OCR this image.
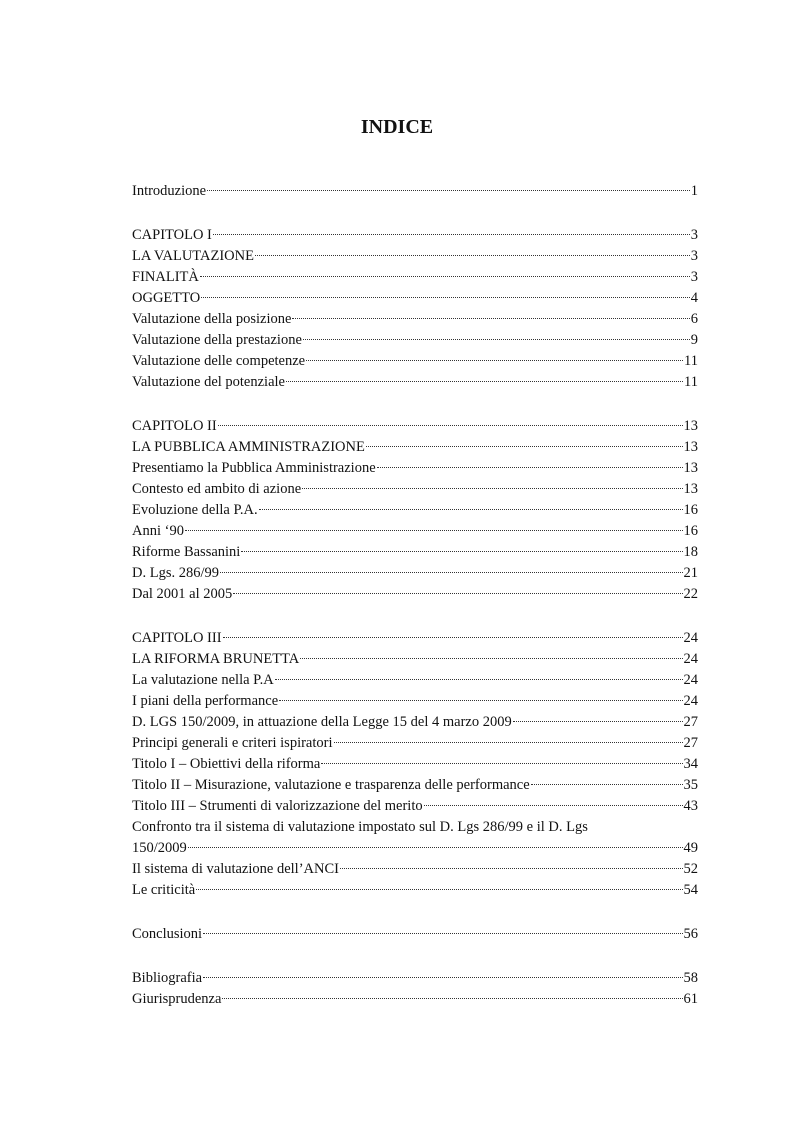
INDICE
Introduzione	1
CAPITOLO I	3
LA VALUTAZIONE	3
FINALITÀ	3
OGGETTO	4
Valutazione della posizione	6
Valutazione della prestazione	9
Valutazione delle competenze	11
Valutazione del potenziale	11
CAPITOLO II	13
LA PUBBLICA AMMINISTRAZIONE	13
Presentiamo la Pubblica Amministrazione	13
Contesto ed ambito di azione	13
Evoluzione della P.A.	16
Anni ‘90	16
Riforme Bassanini	18
D. Lgs. 286/99	21
Dal 2001 al 2005	22
CAPITOLO III	24
LA RIFORMA BRUNETTA	24
La valutazione nella P.A	24
I piani della performance	24
D. LGS 150/2009, in attuazione della Legge 15 del 4 marzo 2009	27
Principi generali e criteri ispiratori	27
Titolo I – Obiettivi della riforma	34
Titolo II – Misurazione, valutazione e trasparenza delle performance	35
Titolo III – Strumenti di valorizzazione del merito	43
Confronto tra il sistema di valutazione impostato sul D. Lgs 286/99 e il D. Lgs
150/2009	49
Il sistema di valutazione dell’ANCI	52
Le criticità	54
Conclusioni	56
Bibliografia	58
Giurisprudenza	61
